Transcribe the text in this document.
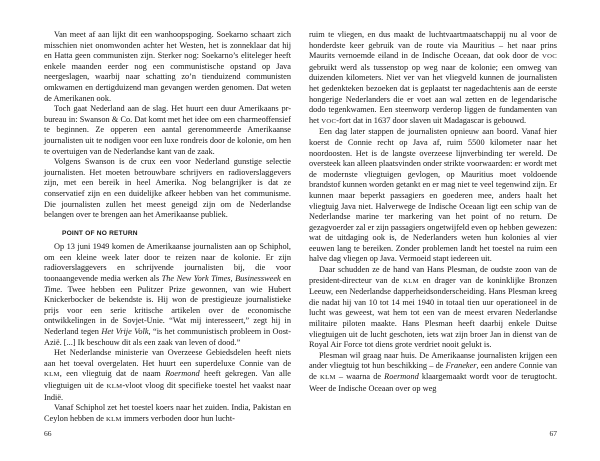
Van meet af aan lijkt dit een wanhoopspoging. Soekarno schaart zich misschien niet onomwonden achter het Westen, het is zonneklaar dat hij en Hatta geen communisten zijn. Sterker nog: Soekarno’s eliteleger heeft enkele maanden eerder nog een communistische opstand op Java neergeslagen, waarbij naar schatting zo’n tienduizend communisten omkwamen en dertigduizend man gevangen werden genomen. Dat weten de Amerikanen ook.

Toch gaat Nederland aan de slag. Het huurt een duur Amerikaans pr-bureau in: Swanson & Co. Dat komt met het idee om een charmeoffensief te beginnen. Ze opperen een aantal gerenommeerde Amerikaanse journalisten uit te nodigen voor een luxe rondreis door de kolonie, om hen te overtuigen van de Nederlandse kant van de zaak.

Volgens Swanson is de crux een voor Nederland gunstige selectie journalisten. Het moeten betrouwbare schrijvers en radioverslaggevers zijn, met een bereik in heel Amerika. Nog belangrijker is dat ze conservatief zijn en een duidelijke afkeer hebben van het communisme. Die journalisten zullen het meest geneigd zijn om de Nederlandse belangen over te brengen aan het Amerikaanse publiek.

POINT OF NO RETURN

Op 13 juni 1949 komen de Amerikaanse journalisten aan op Schiphol, om een kleine week later door te reizen naar de kolonie. Er zijn radioverslaggevers en schrijvende journalisten bij, die voor toonaangevende media werken als The New York Times, Businessweek en Time. Twee hebben een Pulitzer Prize gewonnen, van wie Hubert Knickerbocker de bekendste is. Hij won de prestigieuze journalistieke prijs voor een serie kritische artikelen over de economische ontwikkelingen in de Sovjet-Unie. “Wat mij interesseert,” zegt hij in Nederland tegen Het Vrije Volk, “is het communistisch probleem in Oost-Azië. [...] Ik beschouw dit als een zaak van leven of dood.”

Het Nederlandse ministerie van Overzeese Gebiedsdelen heeft niets aan het toeval overgelaten. Het huurt een superdeluxe Connie van de KLM, een vliegtuig dat de naam Roermond heeft gekregen. Van alle vliegtuigen uit de KLM-vloot vloog dit specifieke toestel het vaakst naar Indië.

Vanaf Schiphol zet het toestel koers naar het zuiden. India, Pakistan en Ceylon hebben de KLM immers verboden door hun lucht-

66

ruim te vliegen, en dus maakt de luchtvaartmaatschappij nu al voor de honderdste keer gebruik van de route via Mauritius – het naar prins Maurits vernoemde eiland in de Indische Oceaan, dat ook door de VOC gebruikt werd als tussenstop op weg naar de kolonie; een omweg van duizenden kilometers. Niet ver van het vliegveld kunnen de journalisten het gedenkteken bezoeken dat is geplaatst ter nagedachtenis aan de eerste hongerige Nederlanders die er voet aan wal zetten en de legendarische dodo tegenkwamen. Een steenworp verderop liggen de fundamenten van het VOC-fort dat in 1637 door slaven uit Madagascar is gebouwd.

Een dag later stappen de journalisten opnieuw aan boord. Vanaf hier koerst de Connie recht op Java af, ruim 5500 kilometer naar het noordoosten. Het is de langste overzeese lijnverbinding ter wereld. De oversteek kan alleen plaatsvinden onder strikte voorwaarden: er wordt met de modernste vliegtuigen gevlogen, op Mauritius moet voldoende brandstof kunnen worden getankt en er mag niet te veel tegenwind zijn. Er kunnen maar beperkt passagiers en goederen mee, anders haalt het vliegtuig Java niet. Halverwege de Indische Oceaan ligt een schip van de Nederlandse marine ter markering van het point of no return. De gezagvoerder zal er zijn passagiers ongetwijfeld even op hebben gewezen: wat de uitdaging ook is, de Nederlanders weten hun kolonies al vier eeuwen lang te bereiken. Zonder problemen landt het toestel na ruim een halve dag vliegen op Java. Vermoeid stapt iedereen uit.

Daar schudden ze de hand van Hans Plesman, de oudste zoon van de president-directeur van de KLM en drager van de koninklijke Bronzen Leeuw, een Nederlandse dapperheidsonderscheiding. Hans Plesman kreeg die nadat hij van 10 tot 14 mei 1940 in totaal tien uur operationeel in de lucht was geweest, wat hem tot een van de meest ervaren Nederlandse militaire piloten maakte. Hans Plesman heeft daarbij enkele Duitse vliegtuigen uit de lucht geschoten, iets wat zijn broer Jan in dienst van de Royal Air Force tot diens grote verdriet nooit gelukt is.

Plesman wil graag naar huis. De Amerikaanse journalisten krijgen een ander vliegtuig tot hun beschikking – de Franeker, een andere Connie van de KLM – waarna de Roermond klaargemaakt wordt voor de terugtocht. Weer de Indische Oceaan over op weg

67
